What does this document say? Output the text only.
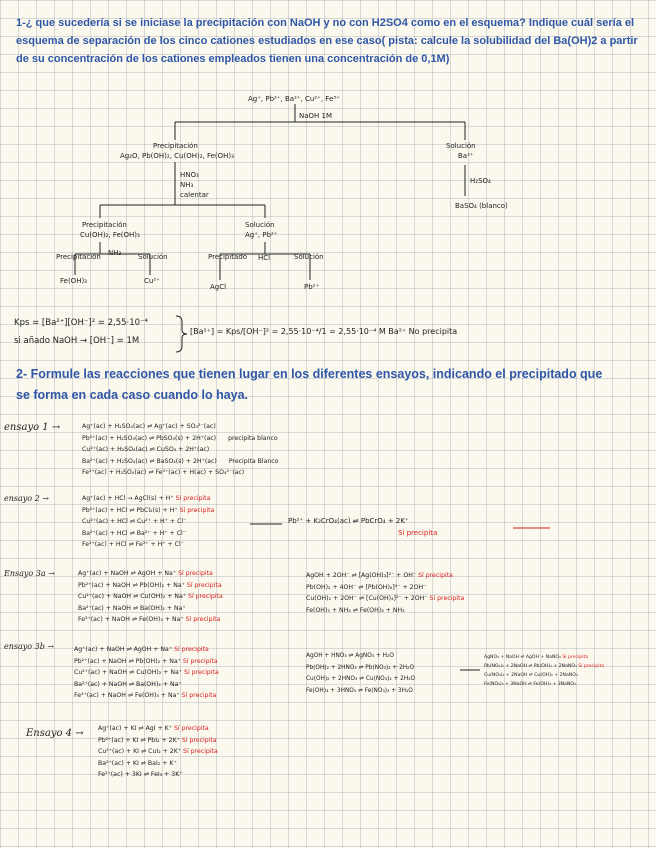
1-¿ que sucedería si se iniciase la precipitación con NaOH y no con H2SO4 como en el esquema? Indique cuál sería el esquema de separación de los cinco cationes estudiados en ese caso( pista: calcule la solubilidad del Ba(OH)2 a partir de su concentración de los cationes empleados tienen una concentración de 0,1M)
Ag⁺, Pb²⁺, Ba²⁺, Cu²⁺, Fe³⁺
NaOH 1M
Precipitación
Ag₂O, Pb(OH)₂, Cu(OH)₂, Fe(OH)₃
Solución
Ba²⁺
H₂SO₄
BaSO₄ (blanco)
HNO₃ NH₃ calentar
Precipitación
Cu(OH)₂, Fe(OH)₃
Solución
Ag⁺, Pb²⁺
Precipitación NH₃ Solución
Fe(OH)₃	Cu²⁺
Precipitado HCl	Solución
AgCl	Pb²⁺
Kps = [Ba²⁺][OH⁻]² = 2,55·10⁻⁴
si añado NaOH → [OH⁻] = 1M
[Ba²⁺] = Kps/[OH⁻]² = 2,55·10⁻⁴/1 = 2,55·10⁻⁴ M Ba²⁺ No precipita
2- Formule las reacciones que tienen lugar en los diferentes ensayos, indicando el precipitado que se forma en cada caso cuando lo haya.
ensayo 1 →	Ag⁺(ac) + H₂SO₄(ac) ⇌ Ag⁺(ac) + SO₄²⁻(ac)
Pb²⁺(ac) + H₂SO₄(ac) ⇌ PbSO₄(s) + 2H⁺(ac) precipita blanco
Cu²⁺(ac) + H₂SO₄(ac) ⇌ CuSO₄ + 2H⁺(ac)
Ba²⁺(ac) + H₂SO₄(ac) ⇌ BaSO₄(s) + 2H⁺(ac) Precipita Blanco
Fe³⁺(ac) + H₂SO₄(ac) ⇌ Fe³⁺(ac) + H(ac) + SO₄²⁻(ac)
ensayo 2 →	Ag⁺(ac) + HCl → AgCl(s) + H⁺ Sí precipita
Pb²⁺(ac) + HCl ⇌ PbCl₂(s) + H⁺ Sí precipita
Cu²⁺(ac) + HCl ⇌ Cu²⁺ + H⁺ + Cl⁻
Ba²⁺(ac) + HCl ⇌ Ba²⁺ + H⁺ + Cl⁻
Fe³⁺(ac) + HCl ⇌ Fe³⁺ + H⁺ + Cl⁻
Pb²⁺ + K₂CrO₄(ac) ⇌ PbCrO₄ + 2K⁺
Sí precipita
Ensayo 3a →	Ag⁺(ac) + NaOH ⇌ AgOH + Na⁺ Sí precipita
Pb²⁺(ac) + NaOH ⇌ Pb(OH)₂ + Na⁺ Sí precipita
Cu²⁺(ac) + NaOH ⇌ Cu(OH)₂ + Na⁺ Sí precipita
Ba²⁺(ac) + NaOH ⇌ Ba(OH)₂ + Na⁺
Fe³⁺(ac) + NaOH ⇌ Fe(OH)₃ + Na⁺ Sí precipita
AgOH + 2OH⁻ ⇌ [Ag(OH)₃]²⁻ + OH⁻ Sí precipita
Pb(OH)₂ + 4OH⁻ ⇌ [Pb(OH)₆]⁴⁻ + 2OH⁻
Cu(OH)₂ + 2OH⁻ ⇌ [Cu(OH)₄]²⁻ + 2OH⁻ Sí precipita
Fe(OH)₃ + NH₃ ⇌ Fe(OH)₃ + NH₃
ensayo 3b →	Ag⁺(ac) + NaOH ⇌ AgOH + Na⁺ Sí precipita
Pb²⁺(ac) + NaOH ⇌ Pb(OH)₂ + Na⁺ Sí precipita
Cu²⁺(ac) + NaOH ⇌ Cu(OH)₂ + Na⁺ Sí precipita
Ba²⁺(ac) + NaOH ⇌ Ba(OH)₂ + Na⁺
Fe³⁺(ac) + NaOH ⇌ Fe(OH)₃ + Na⁺ Sí precipita
AgOH + HNO₃ ⇌ AgNO₃ + H₂O
Pb(OH)₂ + 2HNO₃ ⇌ Pb(NO₃)₂ + 2H₂O
Cu(OH)₂ + 2HNO₃ ⇌ Cu(NO₃)₂ + 2H₂O
Fe(OH)₃ + 3HNO₃ ⇌ Fe(NO₃)₃ + 3H₂O
AgNO₃ + NaOH ⇌ AgOH + NaNO₃ Sí precipita
Pb(NO₃)₂ + 2NaOH ⇌ Pb(OH)₂ + 2NaNO₃ Sí precipita
Cu(NO₃)₂ + 2NaOH ⇌ Cu(OH)₂ + 2NaNO₃
Fe(NO₃)₃ + 3NaOH ⇌ Fe(OH)₃ + 3NaNO₃
Ensayo 4 → Ag⁺(ac) + KI ⇌ AgI + K⁺ Sí precipita
Pb²⁺(ac) + KI ⇌ PbI₂ + 2K⁺ Sí precipita
Cu²⁺(ac) + KI ⇌ CuI₂ + 2K⁺ Sí precipita
Ba²⁺(ac) + KI ⇌ BaI₂ + K⁺
Fe³⁺(ac) + 3KI ⇌ FeI₃ + 3K⁺
